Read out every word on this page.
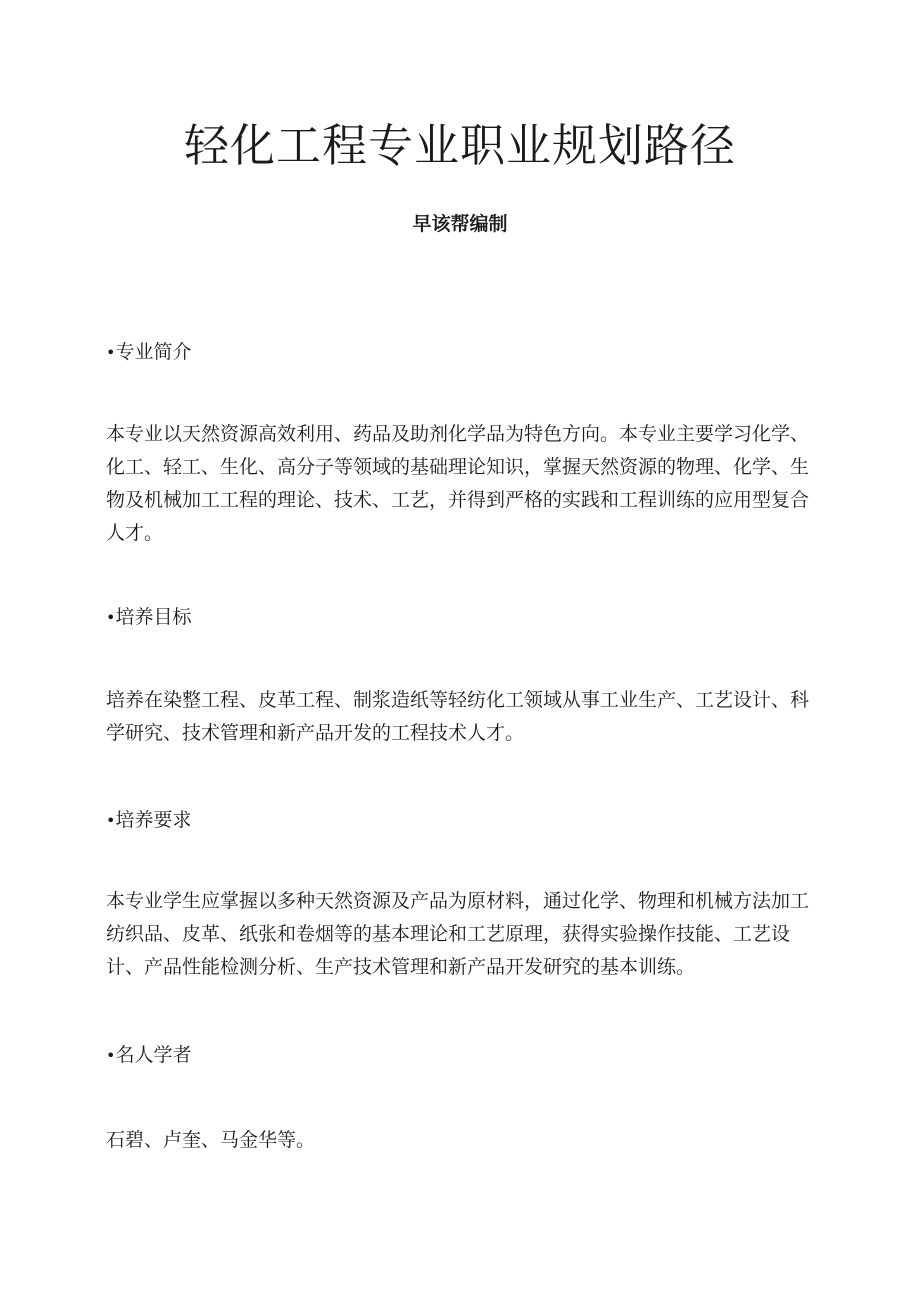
轻化工程专业职业规划路径
早该帮编制

•专业简介

本专业以天然资源高效利用、药品及助剂化学品为特色方向。本专业主要学习化学、化工、轻工、生化、高分子等领域的基础理论知识，掌握天然资源的物理、化学、生物及机械加工工程的理论、技术、工艺，并得到严格的实践和工程训练的应用型复合人才。

•培养目标

培养在染整工程、皮革工程、制浆造纸等轻纺化工领域从事工业生产、工艺设计、科学研究、技术管理和新产品开发的工程技术人才。

•培养要求

本专业学生应掌握以多种天然资源及产品为原材料，通过化学、物理和机械方法加工纺织品、皮革、纸张和卷烟等的基本理论和工艺原理，获得实验操作技能、工艺设计、产品性能检测分析、生产技术管理和新产品开发研究的基本训练。

•名人学者

石碧、卢奎、马金华等。
